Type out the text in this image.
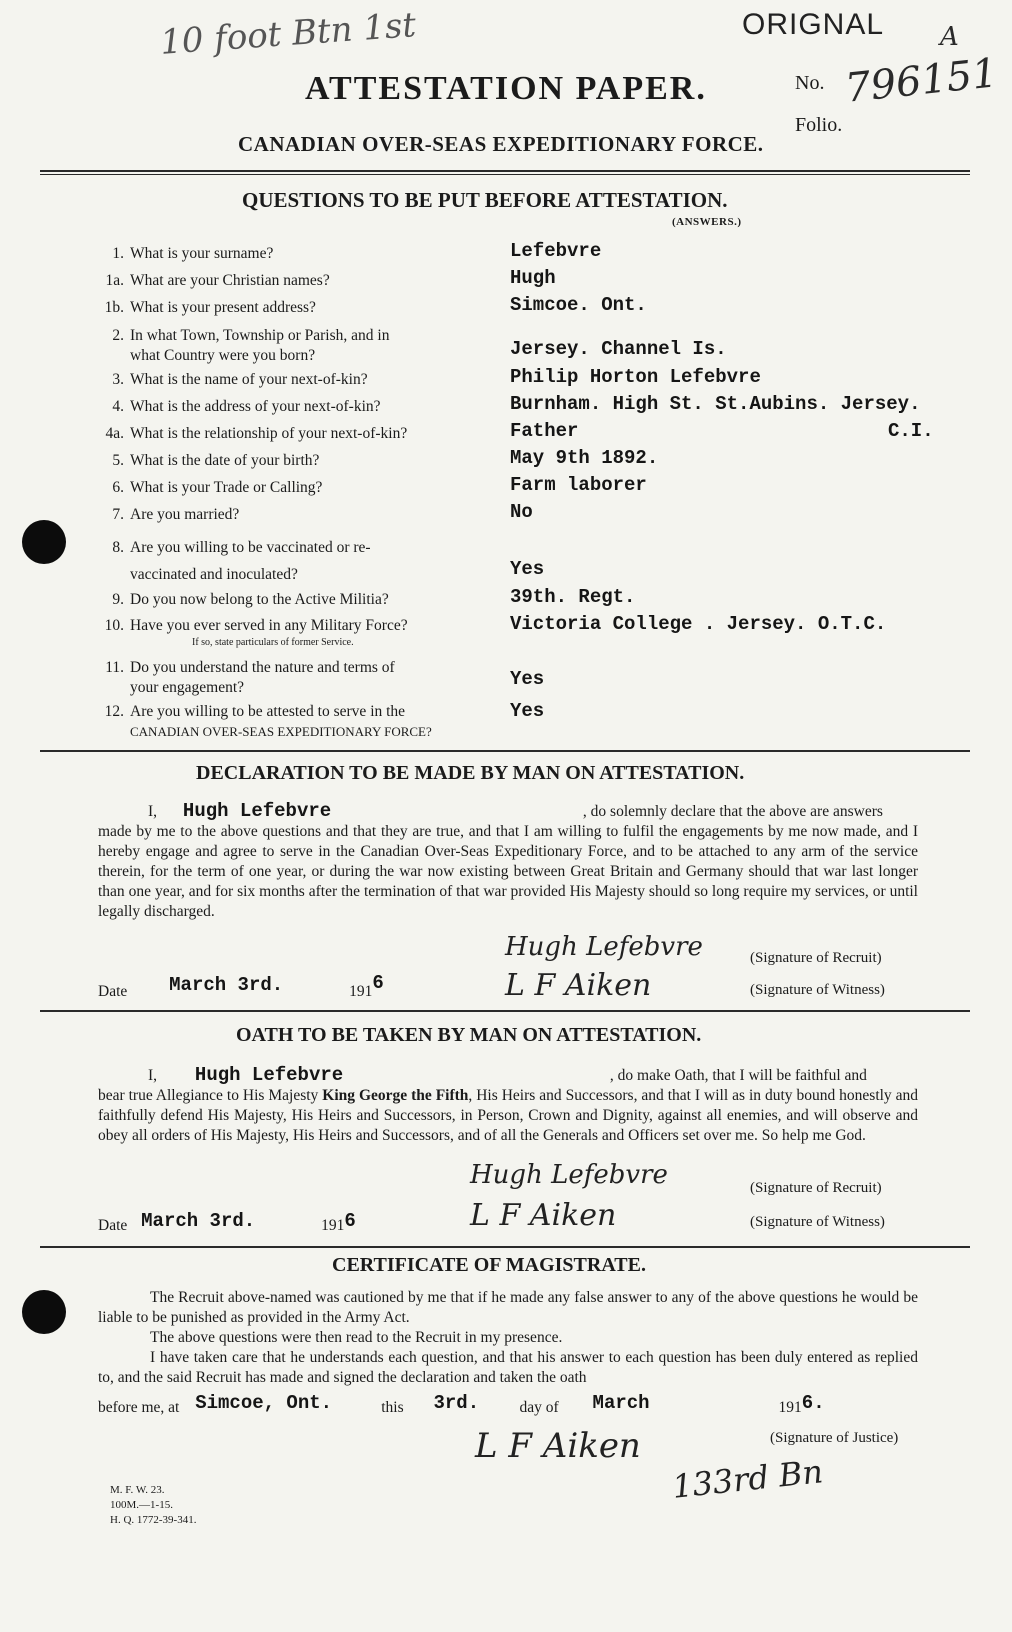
10 foot Btn 1st	ORIGNAL A
ATTESTATION PAPER.	No. 796151
Folio.
CANADIAN OVER-SEAS EXPEDITIONARY FORCE.
QUESTIONS TO BE PUT BEFORE ATTESTATION.
(ANSWERS.)
1. What is your surname?	Lefebvre
1a. What are your Christian names?	Hugh
1b. What is your present address?	Simcoe. Ont.
2. In what Town, Township or Parish, and in
what Country were you born?	Jersey. Channel Is.
3. What is the name of your next-of-kin?	Philip Horton Lefebvre
4. What is the address of your next-of-kin?	Burnham. High St. St.Aubins. Jersey.
4a. What is the relationship of your next-of-kin?	Father	C.I.
5. What is the date of your birth?	May 9th 1892.
6. What is your Trade or Calling?	Farm laborer
7. Are you married?	No
8. Are you willing to be vaccinated or re-
vaccinated and inoculated?	Yes
9. Do you now belong to the Active Militia?	39th. Regt.
10. Have you ever served in any Military Force?
If so, state particulars of former Service.
Victoria College . Jersey. O.T.C.
11. Do you understand the nature and terms of
your engagement?	Yes
12. Are you willing to be attested to serve in the
CANADIAN OVER-SEAS EXPEDITIONARY FORCE?
Yes
DECLARATION TO BE MADE BY MAN ON ATTESTATION.
I, Hugh Lefebvre	, do solemnly declare that the above are answers
made by me to the above questions and that they are true, and that I am willing to fulfil the engagements by me now made, and I hereby engage and agree to serve in the Canadian Over-Seas Expeditionary Force, and to be attached to any arm of the service therein, for the term of one year, or during the war now existing between Great Britain and Germany should that war last longer than one year, and for six months after the termination of that war provided His Majesty should so long require my services, or until legally discharged.
Hugh Lefebvre	(Signature of Recruit)
Date March 3rd.	1916	L F Aiken	(Signature of Witness)
OATH TO BE TAKEN BY MAN ON ATTESTATION.
I, Hugh Lefebvre	, do make Oath, that I will be faithful and
bear true Allegiance to His Majesty King George the Fifth, His Heirs and Successors, and that I will as in duty bound honestly and faithfully defend His Majesty, His Heirs and Successors, in Person, Crown and Dignity, against all enemies, and will observe and obey all orders of His Majesty, His Heirs and Successors, and of all the Generals and Officers set over me. So help me God.
Hugh Lefebvre	(Signature of Recruit)
Date March 3rd.	1916	L F Aiken	(Signature of Witness)
CERTIFICATE OF MAGISTRATE.
The Recruit above-named was cautioned by me that if he made any false answer to any of the above questions he would be liable to be punished as provided in the Army Act.
The above questions were then read to the Recruit in my presence.
I have taken care that he understands each question, and that his answer to each question has been duly entered as replied to, and the said Recruit has made and signed the declaration and taken the oath
before me, at Simcoe, Ont.	this 3rd.	day of March	1916.
L F Aiken	(Signature of Justice)
133rd Bn
M. F. W. 23.
100M.—1-15.
H. Q. 1772-39-341.
